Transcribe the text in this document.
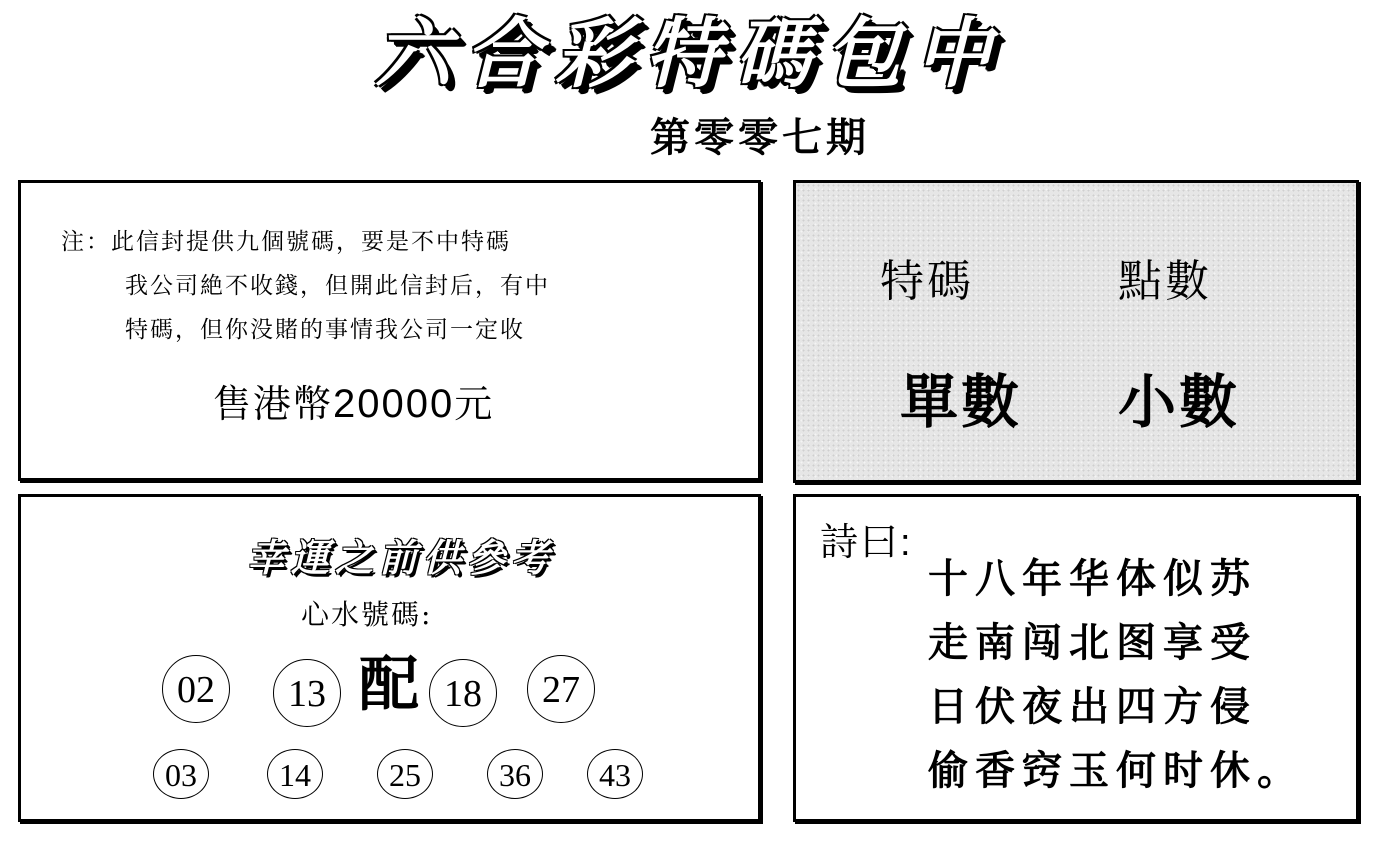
六合彩特碼包中
第零零七期
注：此信封提供九個號碼，要是不中特碼
我公司絶不收錢，但開此信封后，有中
特碼，但你没賭的事情我公司一定收
售港幣20000元
特碼	點數
單數 小數
幸運之前供參考
心水號碼:
配
02	13	18	27
03	14	25	36	43
詩曰:
十八年华体似苏
走南闯北图享受
日伏夜出四方侵
偷香窍玉何时休。
